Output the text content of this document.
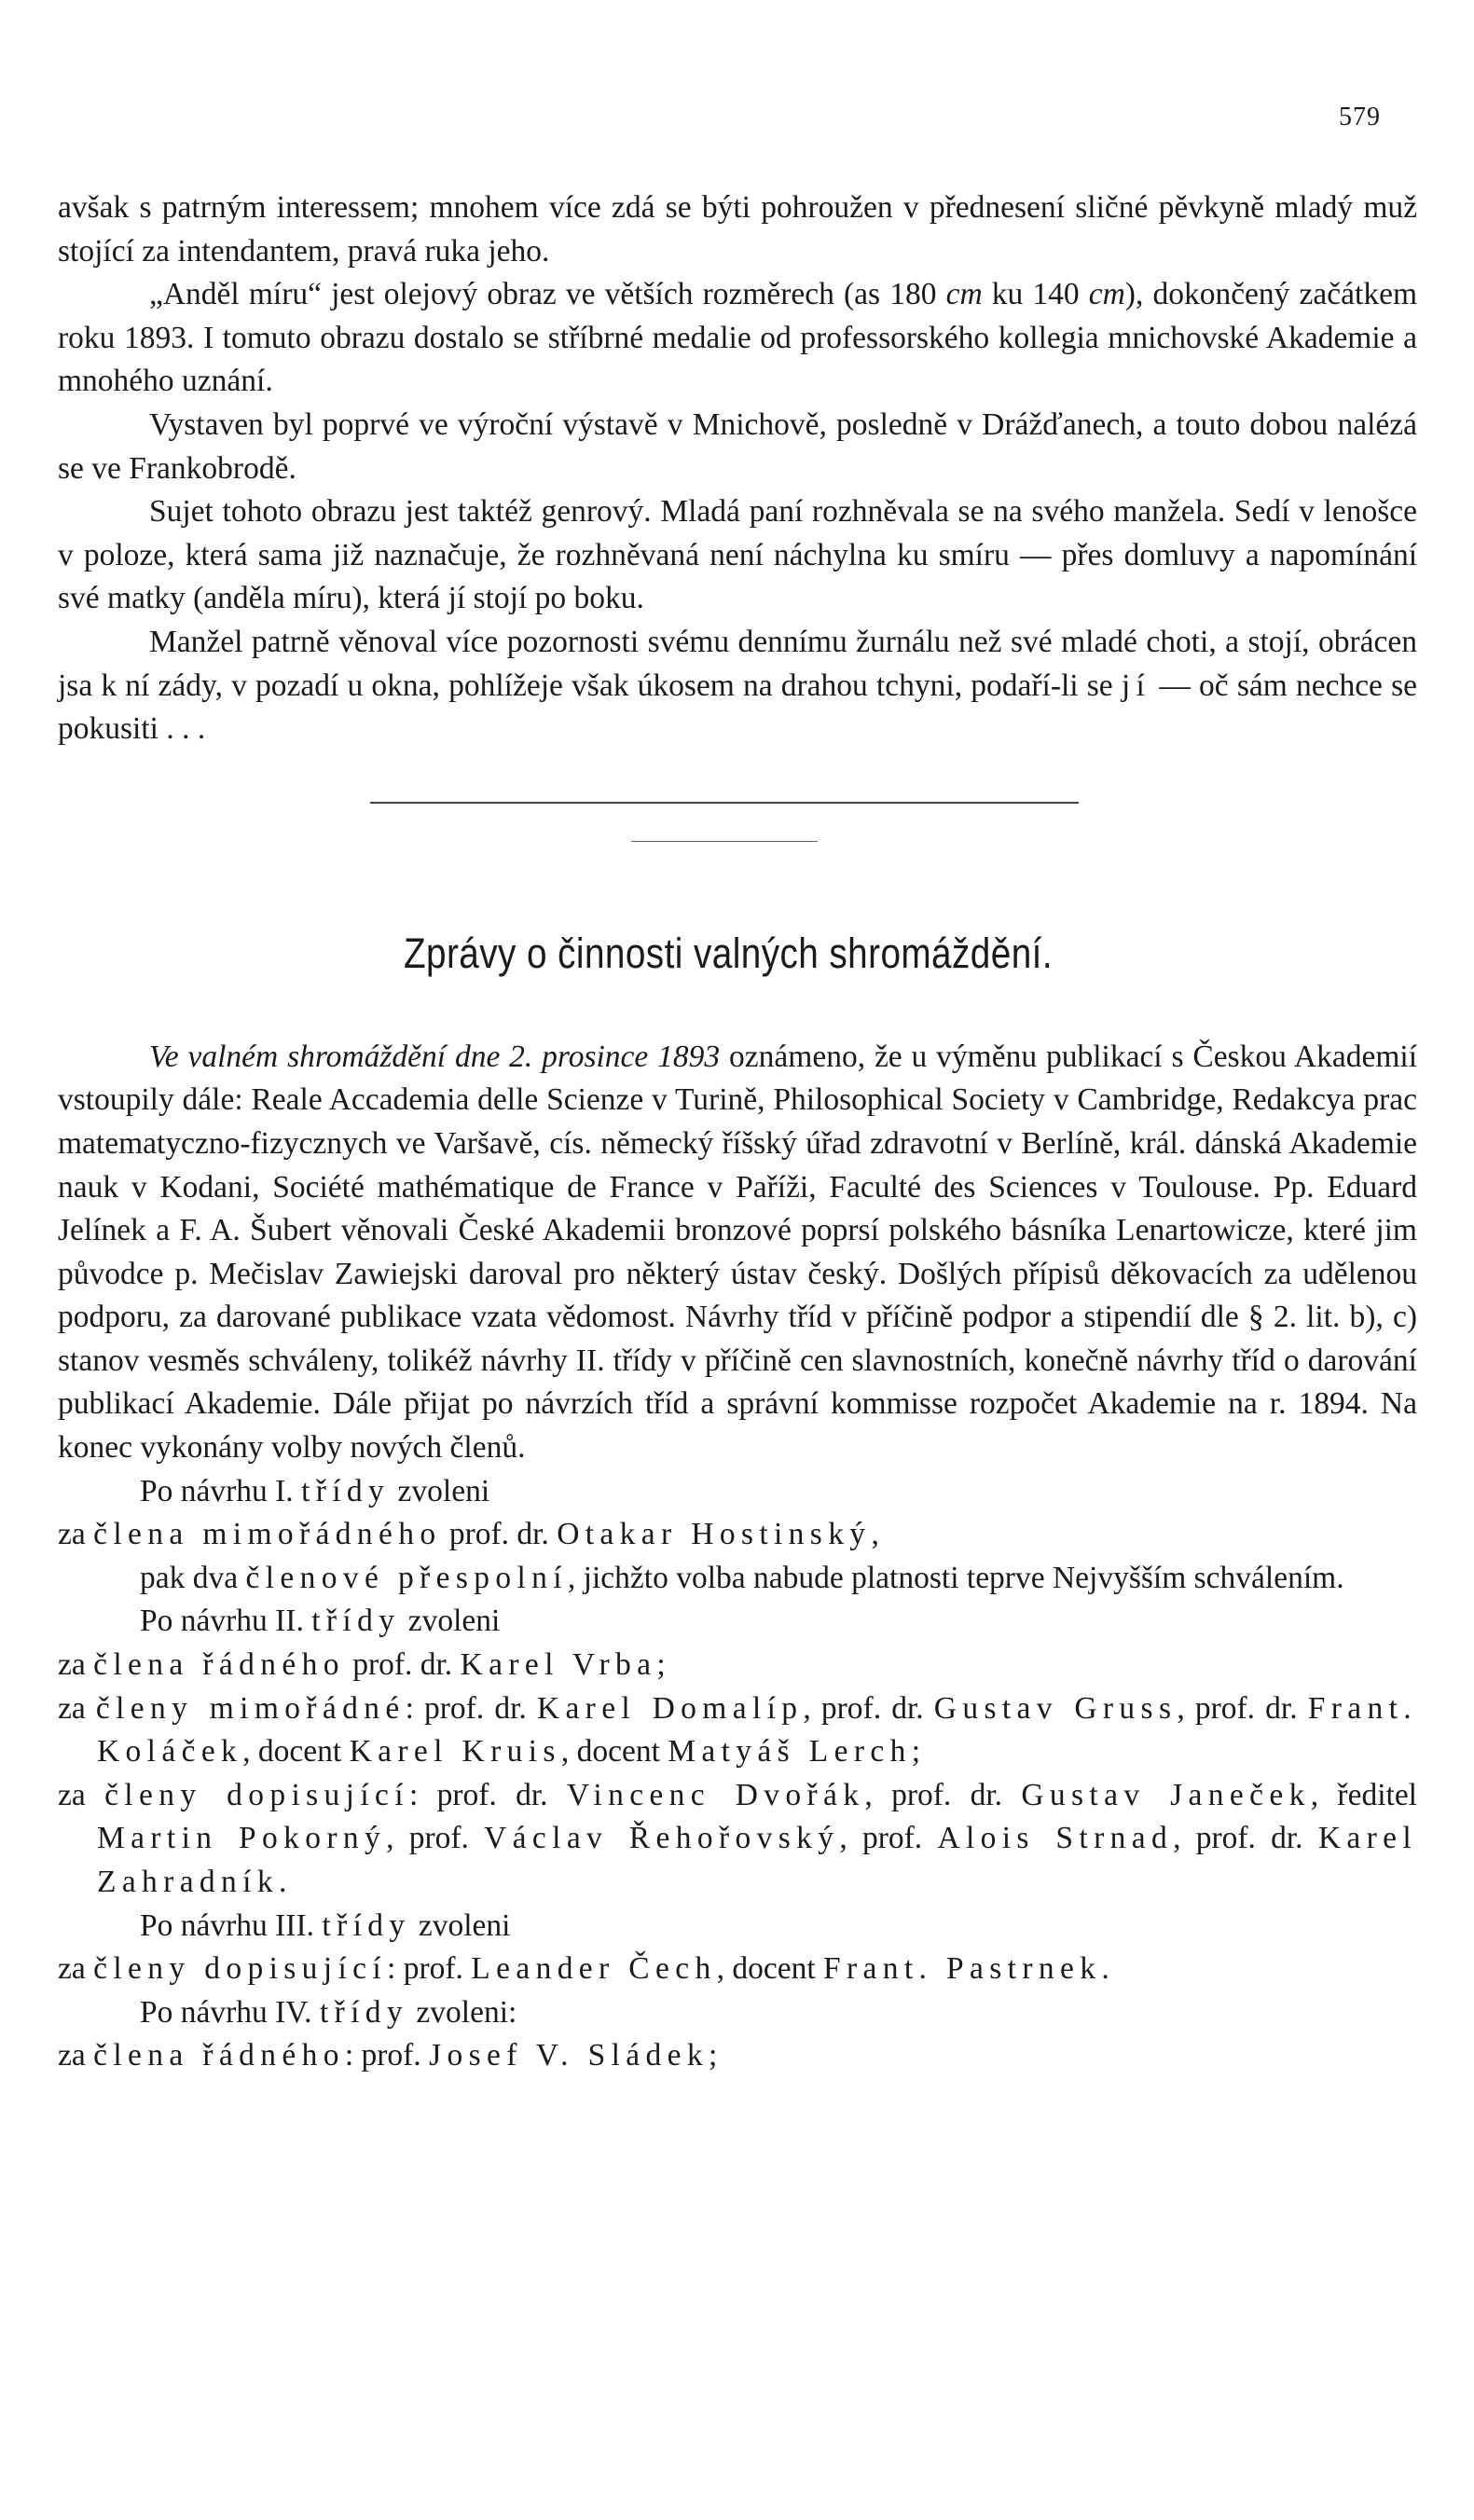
579

avšak s patrným interessem; mnohem více zdá se býti pohroužen v přednesení sličné pěvkyně mladý muž stojící za intendantem, pravá ruka jeho.

„Anděl míru“ jest olejový obraz ve větších rozměrech (as 180 cm ku 140 cm), dokončený začátkem roku 1893. I tomuto obrazu dostalo se stříbrné medalie od professorského kollegia mnichovské Akademie a mnohého uznání.

Vystaven byl poprvé ve výroční výstavě v Mnichově, posledně v Drážďanech, a touto dobou nalézá se ve Frankobrodě.

Sujet tohoto obrazu jest taktéž genrový. Mladá paní rozhněvala se na svého manžela. Sedí v lenošce v poloze, která sama již naznačuje, že rozhněvaná není náchylna ku smíru — přes domluvy a napomínání své matky (anděla míru), která jí stojí po boku.

Manžel patrně věnoval více pozornosti svému dennímu žurnálu než své mladé choti, a stojí, obrácen jsa k ní zády, v pozadí u okna, pohlížeje však úkosem na drahou tchyni, podaří-li se jí — oč sám nechce se pokusiti . . .

Zprávy o činnosti valných shromáždění.

Ve valném shromáždění dne 2. prosince 1893 oznámeno, že u výměnu publikací s Českou Akademií vstoupily dále: Reale Accademia delle Scienze v Turině, Philosophical Society v Cambridge, Redakcya prac matematyczno-fizycznych ve Varšavě, cís. německý říšský úřad zdravotní v Berlíně, král. dánská Akademie nauk v Kodani, Société mathématique de France v Paříži, Faculté des Sciences v Toulouse. Pp. Eduard Jelínek a F. A. Šubert věnovali České Akademii bronzové poprsí polského básníka Lenartowicze, které jim původce p. Mečislav Zawiejski daroval pro některý ústav český. Došlých přípisů děkovacích za udělenou podporu, za darované publikace vzata vědomost. Návrhy tříd v příčině podpor a stipendií dle § 2. lit. b), c) stanov vesměs schváleny, tolikéž návrhy II. třídy v příčině cen slavnostních, konečně návrhy tříd o darování publikací Akademie. Dále přijat po návrzích tříd a správní kommisse rozpočet Akademie na r. 1894. Na konec vykonány volby nových členů.

Po návrhu I. třídy zvoleni

za člena mimořádného prof. dr. Otakar Hostinský,

pak dva členové přespolní, jichžto volba nabude platnosti teprve Nejvyšším schválením.

Po návrhu II. třídy zvoleni

za člena řádného prof. dr. Karel Vrba;

za členy mimořádné: prof. dr. Karel Domalíp, prof. dr. Gustav Gruss, prof. dr. Frant. Koláček, docent Karel Kruis, docent Matyáš Lerch;

za členy dopisující: prof. dr. Vincenc Dvořák, prof. dr. Gustav Janeček, ředitel Martin Pokorný, prof. Václav Řehořovský, prof. Alois Strnad, prof. dr. Karel Zahradník.

Po návrhu III. třídy zvoleni

za členy dopisující: prof. Leander Čech, docent Frant. Pastrnek.

Po návrhu IV. třídy zvoleni:

za člena řádného: prof. Josef V. Sládek;
